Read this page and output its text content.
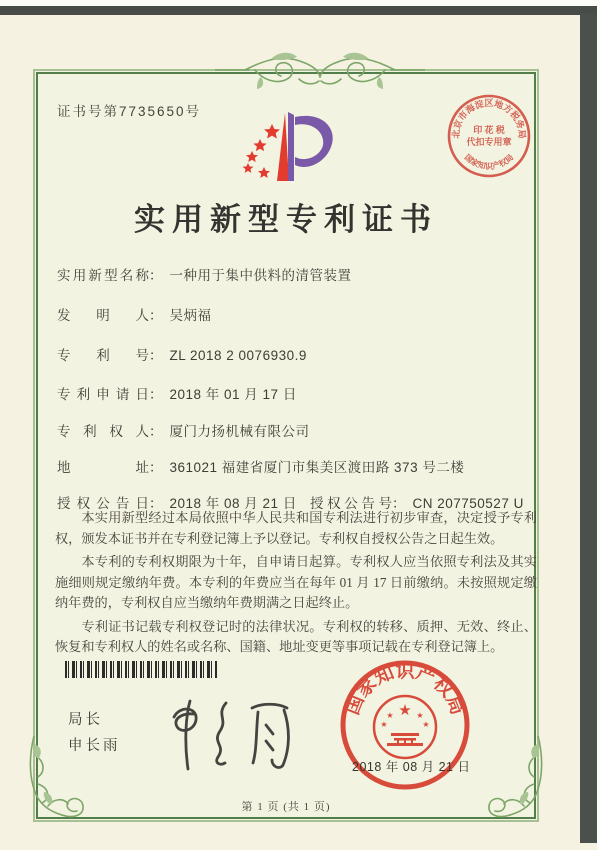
证书号第7735650号
实用新型专利证书
实用新型名称： 一种用于集中供料的清管装置
发明人： 吴炳福
专利号： ZL 2018 2 0076930.9
专利申请日： 2018 年 01 月 17 日
专利权人： 厦门力扬机械有限公司
地址： 361021 福建省厦门市集美区渡田路 373 号二楼
授权公告日： 2018 年 08 月 21 日 授权公告号： CN 207750527 U

本实用新型经过本局依照中华人民共和国专利法进行初步审查，决定授予专利权，颁发本证书并在专利登记簿上予以登记。专利权自授权公告之日起生效。

本专利的专利权期限为十年，自申请日起算。专利权人应当依照专利法及其实施细则规定缴纳年费。本专利的年费应当在每年 01 月 17 日前缴纳。未按照规定缴纳年费的，专利权自应当缴纳年费期满之日起终止。

专利证书记载专利权登记时的法律状况。专利权的转移、质押、无效、终止、恢复和专利权人的姓名或名称、国籍、地址变更等事项记载在专利登记簿上。

局长
申长雨
北京市海淀区地方税务局
国家知识产权局
印 花 税
代扣专用章
国家知识产权局
★
★	★
★	★
2018 年 08 月 21 日
第 1 页 (共 1 页)
